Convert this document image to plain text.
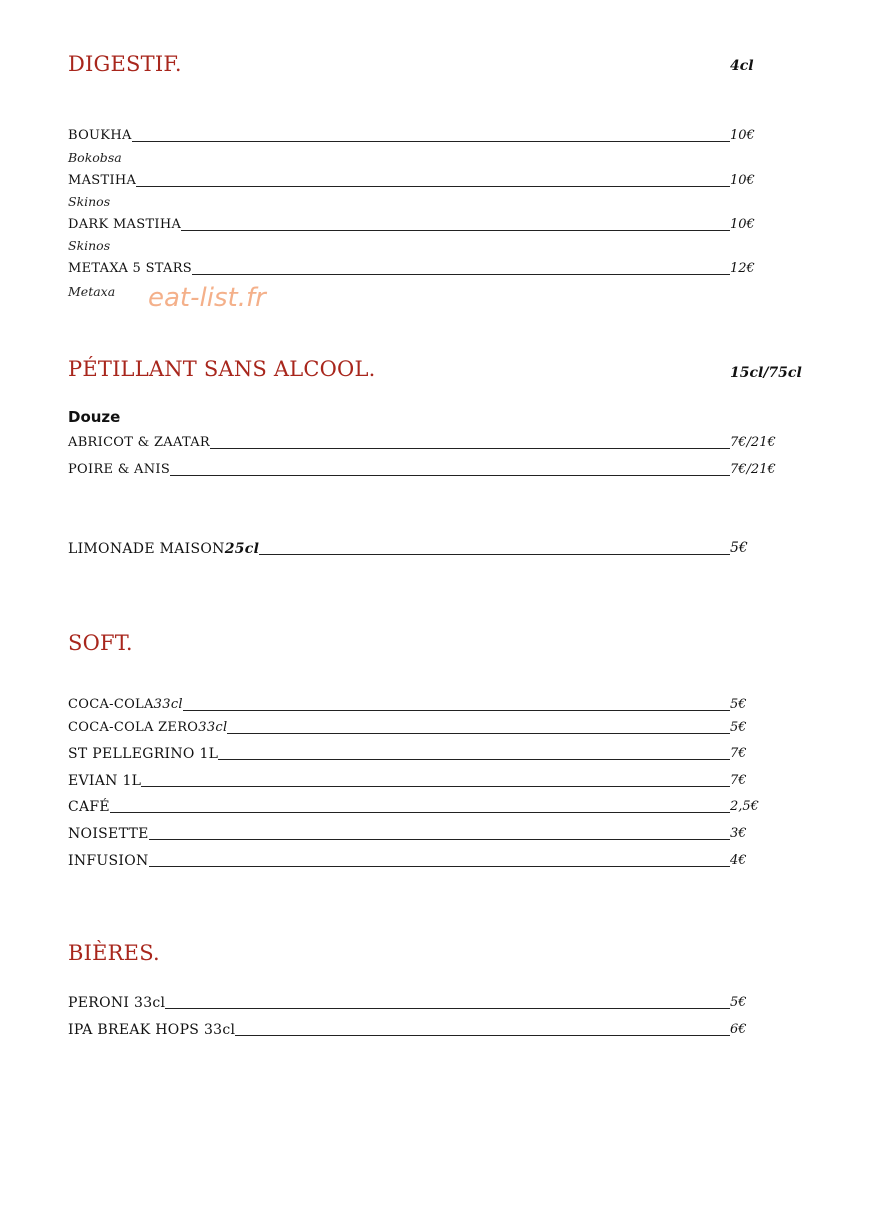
DIGESTIF.	4cl
BOUKHA	10€
Bokobsa
MASTIHA	10€
Skinos
DARK MASTIHA	10€
Skinos
METAXA 5 STARS	12€
Metaxa eat-list.fr
PÉTILLANT SANS ALCOOL.	15cl/75cl
Douze
ABRICOT & ZAATAR	7€/21€
POIRE & ANIS	7€/21€
LIMONADE MAISON 25cl	5€
SOFT.
COCA-COLA 33cl	5€
COCA-COLA ZERO 33cl	5€
ST PELLEGRINO 1L	7€
EVIAN 1L	7€
CAFÉ	2,5€
NOISETTE	3€
INFUSION	4€
BIÈRES.
PERONI 33cl	5€
IPA BREAK HOPS 33cl	6€
